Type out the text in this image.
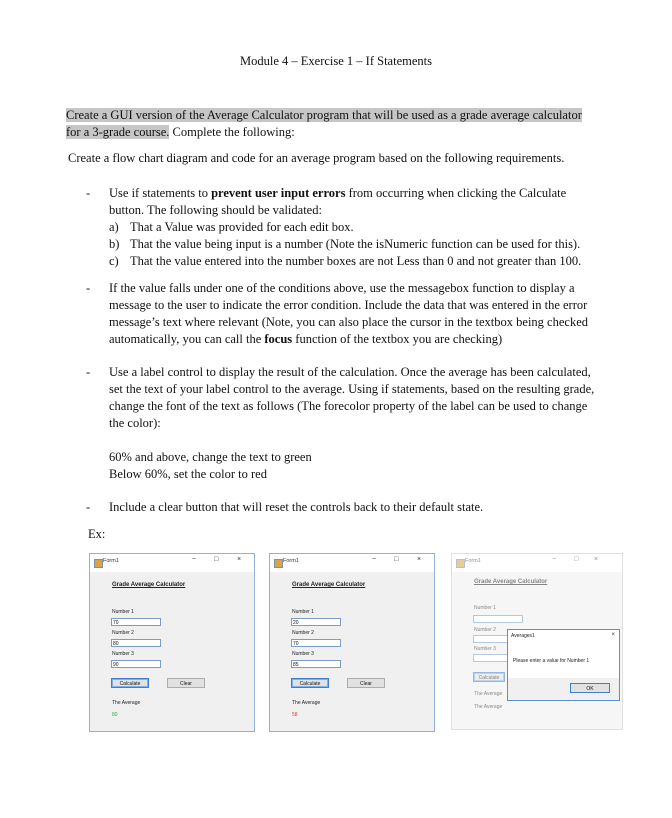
Module 4 – Exercise 1 – If Statements
Create a GUI version of the Average Calculator program that will be used as a grade average calculator
for a 3-grade course. Complete the following:
Create a flow chart diagram and code for an average program based on the following requirements.
- Use if statements to prevent user input errors from occurring when clicking the Calculate
button. The following should be validated:
a) That a Value was provided for each edit box.
b) That the value being input is a number (Note the isNumeric function can be used for this).
c) That the value entered into the number boxes are not Less than 0 and not greater than 100.
- If the value falls under one of the conditions above, use the messagebox function to display a
message to the user to indicate the error condition. Include the data that was entered in the error
message’s text where relevant (Note, you can also place the cursor in the textbox being checked
automatically, you can call the focus function of the textbox you are checking)
- Use a label control to display the result of the calculation. Once the average has been calculated,
set the text of your label control to the average. Using if statements, based on the resulting grade,
change the font of the text as follows (The forecolor property of the label can be used to change
the color):
60% and above, change the text to green
Below 60%, set the color to red
- Include a clear button that will reset the controls back to their default state.
Ex:
Form1	−	□	×
Grade Average Calculator
Number 1
70
Number 2
80
Number 3
90
Calculate	Clear
The Average
80
Form1	−	□	×
Grade Average Calculator
Number 1
20
Number 2
70
Number 3
85
Calculate	Clear
The Average
58
Form1	−	□ ×
Grade Average Calculator
Number 1
Number 2
Number 3
Calculate
The Average
The Average
Averages1	×
Please enter a value for Number 1
OK
